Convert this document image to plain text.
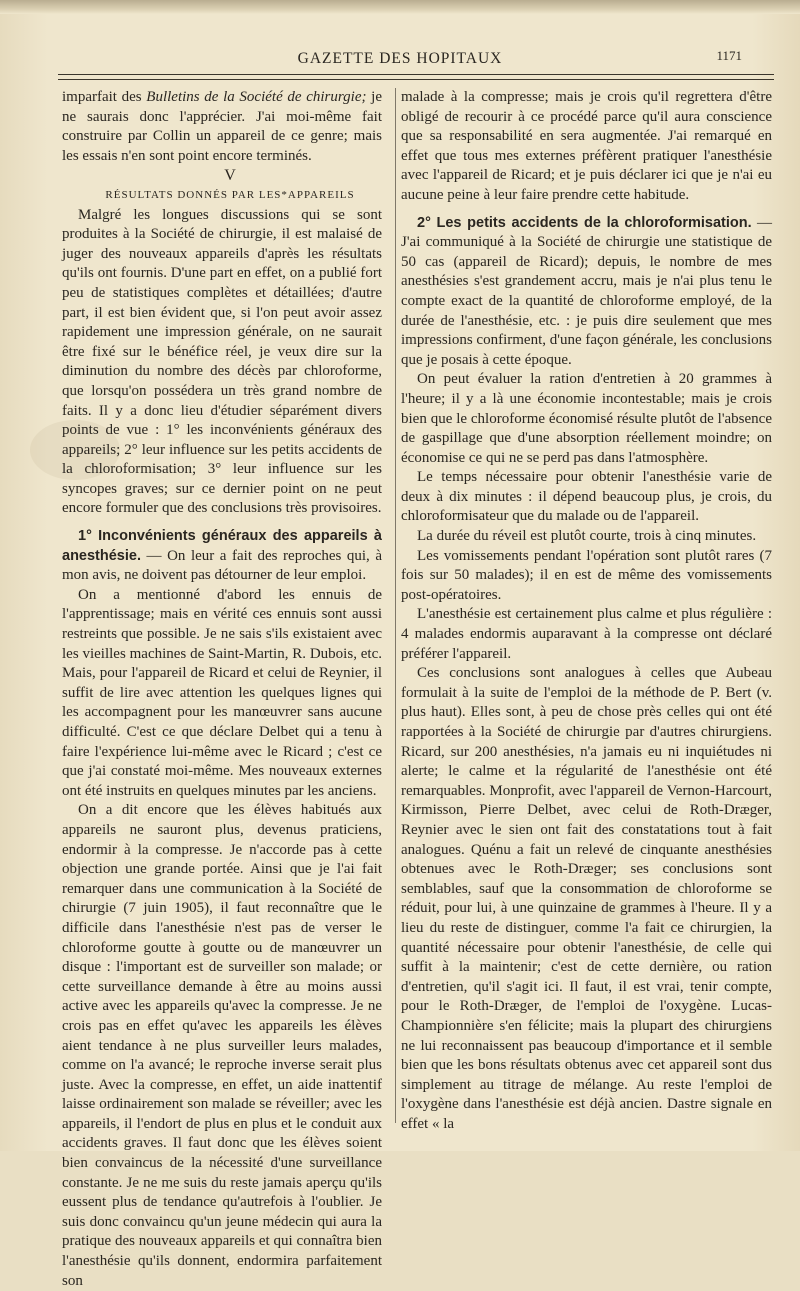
GAZETTE DES HOPITAUX	1171

imparfait des Bulletins de la Société de chirurgie; je ne saurais donc l'apprécier. J'ai moi-même fait construire par Collin un appareil de ce genre; mais les essais n'en sont point encore terminés.

V

RÉSULTATS DONNÉS PAR LES*APPAREILS

Malgré les longues discussions qui se sont produites à la Société de chirurgie, il est malaisé de juger des nouveaux appareils d'après les résultats qu'ils ont fournis. D'une part en effet, on a publié fort peu de statistiques complètes et détaillées; d'autre part, il est bien évident que, si l'on peut avoir assez rapidement une impression générale, on ne saurait être fixé sur le bénéfice réel, je veux dire sur la diminution du nombre des décès par chloroforme, que lorsqu'on possédera un très grand nombre de faits. Il y a donc lieu d'étudier séparément divers points de vue : 1° les inconvénients généraux des appareils; 2° leur influence sur les petits accidents de la chloroformisation; 3° leur influence sur les syncopes graves; sur ce dernier point on ne peut encore formuler que des conclusions très provisoires.

1° Inconvénients généraux des appareils à anesthésie. — On leur a fait des reproches qui, à mon avis, ne doivent pas détourner de leur emploi.

On a mentionné d'abord les ennuis de l'apprentissage; mais en vérité ces ennuis sont aussi restreints que possible. Je ne sais s'ils existaient avec les vieilles machines de Saint-Martin, R. Dubois, etc. Mais, pour l'appareil de Ricard et celui de Reynier, il suffit de lire avec attention les quelques lignes qui les accompagnent pour les manœuvrer sans aucune difficulté. C'est ce que déclare Delbet qui a tenu à faire l'expérience lui-même avec le Ricard ; c'est ce que j'ai constaté moi-même. Mes nouveaux externes ont été instruits en quelques minutes par les anciens.

On a dit encore que les élèves habitués aux appareils ne sauront plus, devenus praticiens, endormir à la compresse. Je n'accorde pas à cette objection une grande portée. Ainsi que je l'ai fait remarquer dans une communication à la Société de chirurgie (7 juin 1905), il faut reconnaître que le difficile dans l'anesthésie n'est pas de verser le chloroforme goutte à goutte ou de manœuvrer un disque : l'important est de surveiller son malade; or cette surveillance demande à être au moins aussi active avec les appareils qu'avec la compresse. Je ne crois pas en effet qu'avec les appareils les élèves aient tendance à ne plus surveiller leurs malades, comme on l'a avancé; le reproche inverse serait plus juste. Avec la compresse, en effet, un aide inattentif laisse ordinairement son malade se réveiller; avec les appareils, il l'endort de plus en plus et le conduit aux accidents graves. Il faut donc que les élèves soient bien convaincus de la nécessité d'une surveillance constante. Je ne me suis du reste jamais aperçu qu'ils eussent plus de tendance qu'autrefois à l'oublier. Je suis donc convaincu qu'un jeune médecin qui aura la pratique des nouveaux appareils et qui connaîtra bien l'anesthésie qu'ils donnent, endormira parfaitement son

malade à la compresse; mais je crois qu'il regrettera d'être obligé de recourir à ce procédé parce qu'il aura conscience que sa responsabilité en sera augmentée. J'ai remarqué en effet que tous mes externes préfèrent pratiquer l'anesthésie avec l'appareil de Ricard; et je puis déclarer ici que je n'ai eu aucune peine à leur faire prendre cette habitude.

2° Les petits accidents de la chloroformisation. — J'ai communiqué à la Société de chirurgie une statistique de 50 cas (appareil de Ricard); depuis, le nombre de mes anesthésies s'est grandement accru, mais je n'ai plus tenu le compte exact de la quantité de chloroforme employé, de la durée de l'anesthésie, etc. : je puis dire seulement que mes impressions confirment, d'une façon générale, les conclusions que je posais à cette époque.

On peut évaluer la ration d'entretien à 20 grammes à l'heure; il y a là une économie incontestable; mais je crois bien que le chloroforme économisé résulte plutôt de l'absence de gaspillage que d'une absorption réellement moindre; on économise ce qui ne se perd pas dans l'atmosphère.

Le temps nécessaire pour obtenir l'anesthésie varie de deux à dix minutes : il dépend beaucoup plus, je crois, du chloroformisateur que du malade ou de l'appareil.

La durée du réveil est plutôt courte, trois à cinq minutes.

Les vomissements pendant l'opération sont plutôt rares (7 fois sur 50 malades); il en est de même des vomissements post-opératoires.

L'anesthésie est certainement plus calme et plus régulière : 4 malades endormis auparavant à la compresse ont déclaré préférer l'appareil.

Ces conclusions sont analogues à celles que Aubeau formulait à la suite de l'emploi de la méthode de P. Bert (v. plus haut). Elles sont, à peu de chose près celles qui ont été rapportées à la Société de chirurgie par d'autres chirurgiens. Ricard, sur 200 anesthésies, n'a jamais eu ni inquiétudes ni alerte; le calme et la régularité de l'anesthésie ont été remarquables. Monprofit, avec l'appareil de Vernon-Harcourt, Kirmisson, Pierre Delbet, avec celui de Roth-Dræger, Reynier avec le sien ont fait des constatations tout à fait analogues. Quénu a fait un relevé de cinquante anesthésies obtenues avec le Roth-Dræger; ses conclusions sont semblables, sauf que la consommation de chloroforme se réduit, pour lui, à une quinzaine de grammes à l'heure. Il y a lieu du reste de distinguer, comme l'a fait ce chirurgien, la quantité nécessaire pour obtenir l'anesthésie, de celle qui suffit à la maintenir; c'est de cette dernière, ou ration d'entretien, qu'il s'agit ici. Il faut, il est vrai, tenir compte, pour le Roth-Dræger, de l'emploi de l'oxygène. Lucas-Championnière s'en félicite; mais la plupart des chirurgiens ne lui reconnaissent pas beaucoup d'importance et il semble bien que les bons résultats obtenus avec cet appareil sont dus simplement au titrage de mélange. Au reste l'emploi de l'oxygène dans l'anesthésie est déjà ancien. Dastre signale en effet « la
